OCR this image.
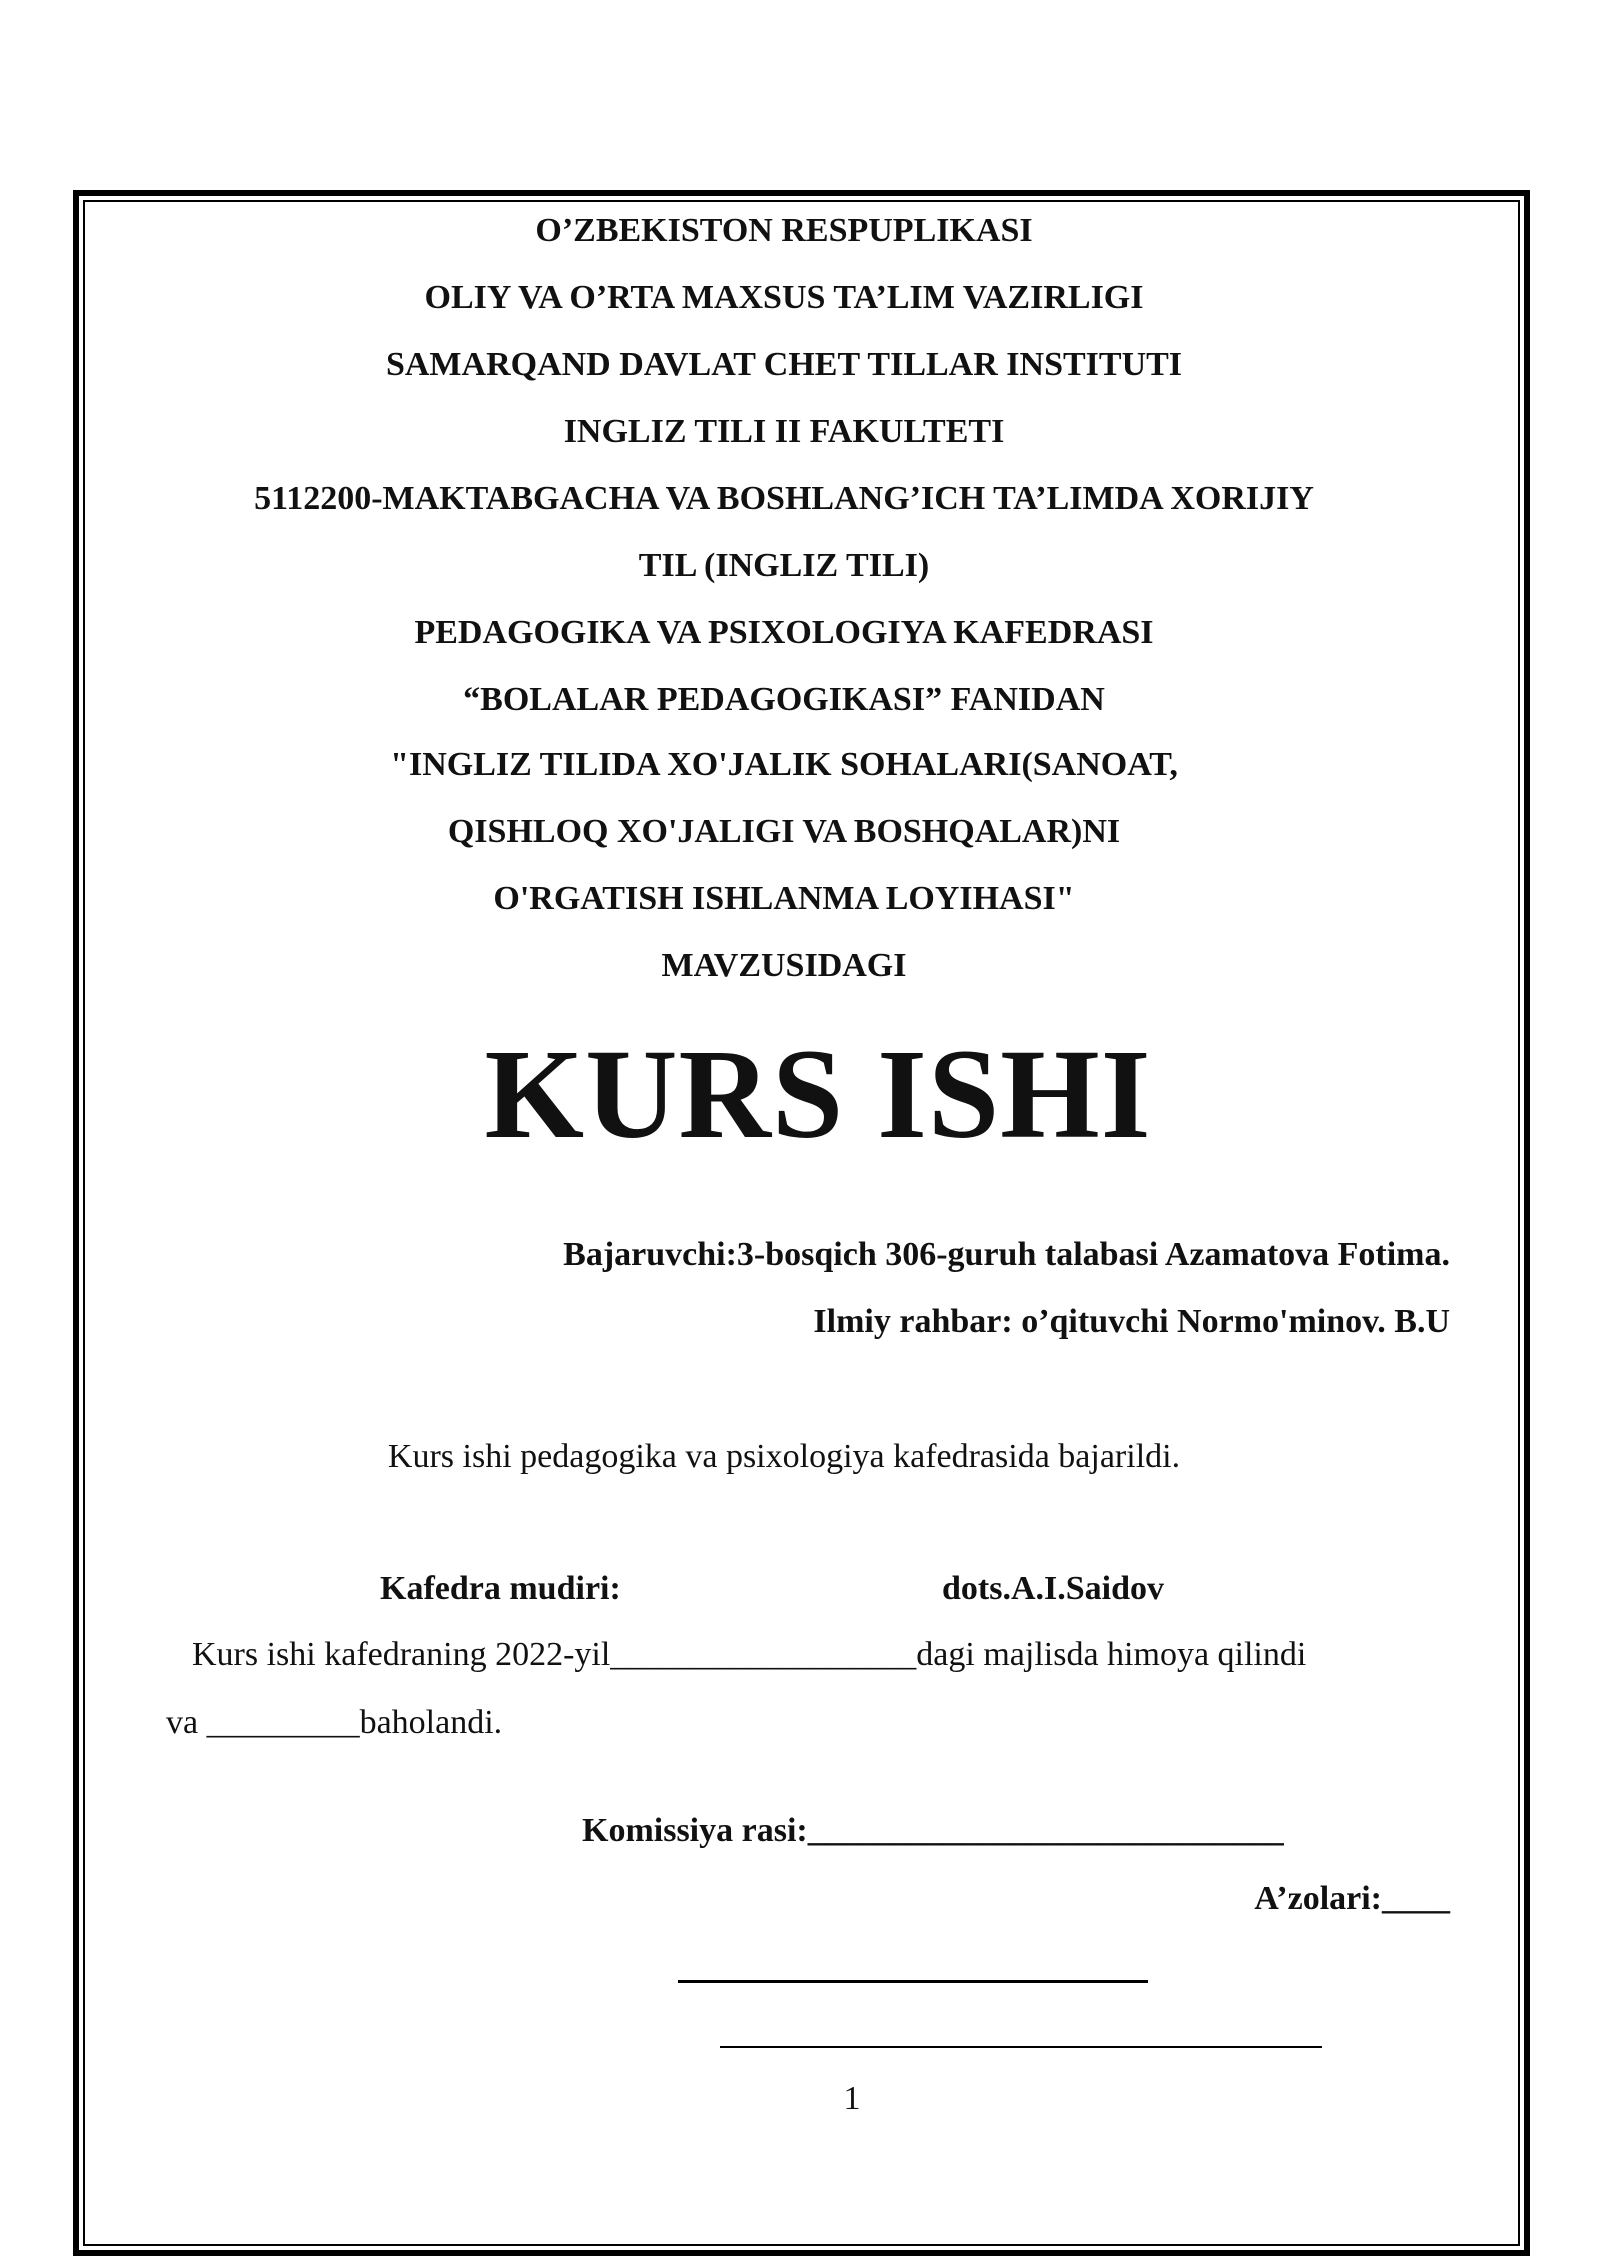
O’ZBEKISTON RESPUPLIKASI
OLIY VA O’RTA MAXSUS TA’LIM VAZIRLIGI
SAMARQAND DAVLAT CHET TILLAR INSTITUTI
INGLIZ TILI II FAKULTETI
5112200-MAKTABGACHA VA BOSHLANG’ICH TA’LIMDA XORIJIY
TIL (INGLIZ TILI)
PEDAGOGIKA VA PSIXOLOGIYA KAFEDRASI
“BOLALAR PEDAGOGIKASI” FANIDAN
"INGLIZ TILIDA XO'JALIK SOHALARI(SANOAT,
QISHLOQ XO'JALIGI VA BOSHQALAR)NI
O'RGATISH ISHLANMA LOYIHASI"
MAVZUSIDAGI
KURS ISHI
Bajaruvchi:3-bosqich 306-guruh talabasi Azamatova Fotima.
Ilmiy rahbar: o’qituvchi Normo'minov. B.U
Kurs ishi pedagogika va psixologiya kafedrasida bajarildi.
Kafedra mudiri:	dots.A.I.Saidov
Kurs ishi kafedraning 2022-yil__________________dagi majlisda himoya qilindi
va _________baholandi.
Komissiya rasi:____________________________
A’zolari:____
1
